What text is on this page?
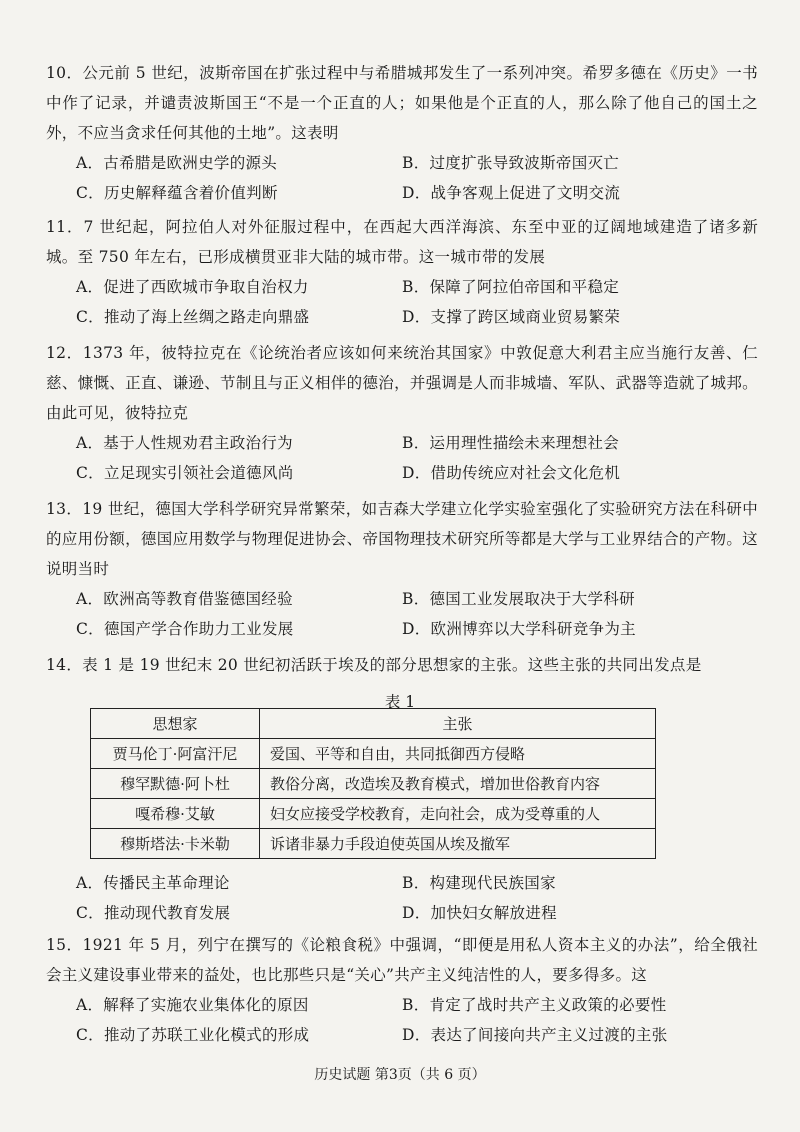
10．公元前 5 世纪，波斯帝国在扩张过程中与希腊城邦发生了一系列冲突。希罗多德在《历史》一书中作了记录，并谴责波斯国王“不是一个正直的人；如果他是个正直的人，那么除了他自己的国土之外，不应当贪求任何其他的土地”。这表明

A．古希腊是欧洲史学的源头	B．过度扩张导致波斯帝国灭亡
C．历史解释蕴含着价值判断	D．战争客观上促进了文明交流

11．7 世纪起，阿拉伯人对外征服过程中，在西起大西洋海滨、东至中亚的辽阔地域建造了诸多新城。至 750 年左右，已形成横贯亚非大陆的城市带。这一城市带的发展

A．促进了西欧城市争取自治权力	B．保障了阿拉伯帝国和平稳定
C．推动了海上丝绸之路走向鼎盛	D．支撑了跨区域商业贸易繁荣

12．1373 年，彼特拉克在《论统治者应该如何来统治其国家》中敦促意大利君主应当施行友善、仁慈、慷慨、正直、谦逊、节制且与正义相伴的德治，并强调是人而非城墙、军队、武器等造就了城邦。由此可见，彼特拉克

A．基于人性规劝君主政治行为	B．运用理性描绘未来理想社会
C．立足现实引领社会道德风尚	D．借助传统应对社会文化危机

13．19 世纪，德国大学科学研究异常繁荣，如吉森大学建立化学实验室强化了实验研究方法在科研中的应用份额，德国应用数学与物理促进协会、帝国物理技术研究所等都是大学与工业界结合的产物。这说明当时

A．欧洲高等教育借鉴德国经验	B．德国工业发展取决于大学科研
C．德国产学合作助力工业发展	D．欧洲博弈以大学科研竞争为主

14．表 1 是 19 世纪末 20 世纪初活跃于埃及的部分思想家的主张。这些主张的共同出发点是

表 1
思想家	主张
贾马伦丁·阿富汗尼	爱国、平等和自由，共同抵御西方侵略
穆罕默德·阿卜杜	教俗分离，改造埃及教育模式，增加世俗教育内容
嘎希穆·艾敏	妇女应接受学校教育，走向社会，成为受尊重的人
穆斯塔法·卡米勒	诉诸非暴力手段迫使英国从埃及撤军
A．传播民主革命理论	B．构建现代民族国家
C．推动现代教育发展	D．加快妇女解放进程

15．1921 年 5 月，列宁在撰写的《论粮食税》中强调，“即便是用私人资本主义的办法”，给全俄社会主义建设事业带来的益处，也比那些只是“关心”共产主义纯洁性的人，要多得多。这

A．解释了实施农业集体化的原因	B．肯定了战时共产主义政策的必要性
C．推动了苏联工业化模式的形成	D．表达了间接向共产主义过渡的主张
历史试题 第3页（共 6 页）
